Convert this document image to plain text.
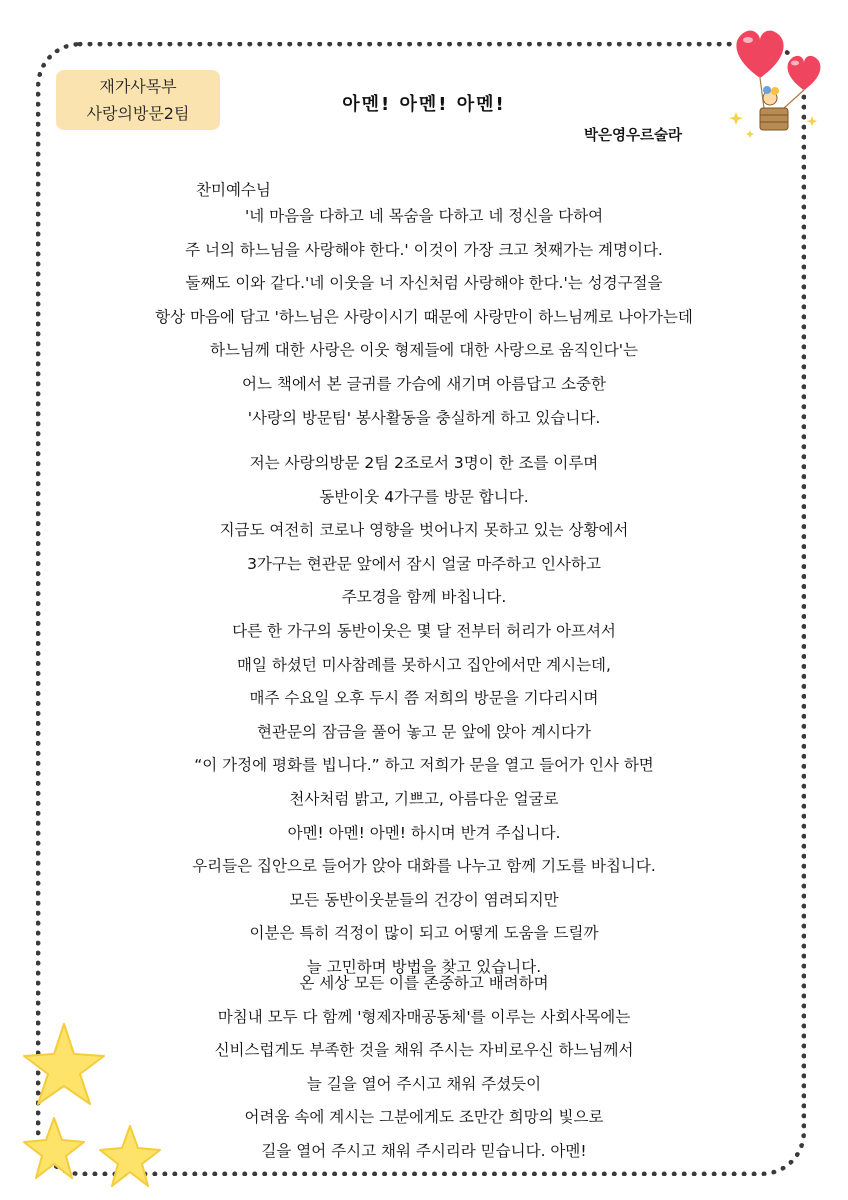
재가사목부
사랑의방문2팀	아멘! 아멘! 아멘!
박은영우르술라
찬미예수님
'네 마음을 다하고 네 목숨을 다하고 네 정신을 다하여
주 너의 하느님을 사랑해야 한다.' 이것이 가장 크고 첫째가는 계명이다.
둘째도 이와 같다.'네 이웃을 너 자신처럼 사랑해야 한다.'는 성경구절을
항상 마음에 담고 '하느님은 사랑이시기 때문에 사랑만이 하느님께로 나아가는데
하느님께 대한 사랑은 이웃 형제들에 대한 사랑으로 움직인다'는
어느 책에서 본 글귀를 가슴에 새기며 아름답고 소중한
'사랑의 방문팀' 봉사활동을 충실하게 하고 있습니다.
저는 사랑의방문 2팀 2조로서 3명이 한 조를 이루며
동반이웃 4가구를 방문 합니다.
지금도 여전히 코로나 영향을 벗어나지 못하고 있는 상황에서
3가구는 현관문 앞에서 잠시 얼굴 마주하고 인사하고
주모경을 함께 바칩니다.
다른 한 가구의 동반이웃은 몇 달 전부터 허리가 아프셔서
매일 하셨던 미사참례를 못하시고 집안에서만 계시는데,
매주 수요일 오후 두시 쯤 저희의 방문을 기다리시며
현관문의 잠금을 풀어 놓고 문 앞에 앉아 계시다가
“이 가정에 평화를 빕니다.” 하고 저희가 문을 열고 들어가 인사 하면
천사처럼 밝고, 기쁘고, 아름다운 얼굴로
아멘! 아멘! 아멘! 하시며 반겨 주십니다.
우리들은 집안으로 들어가 앉아 대화를 나누고 함께 기도를 바칩니다.
모든 동반이웃분들의 건강이 염려되지만
이분은 특히 걱정이 많이 되고 어떻게 도움을 드릴까
늘 고민하며 방법을 찾고 있습니다.
온 세상 모든 이를 존중하고 배려하며
마침내 모두 다 함께 '형제자매공동체'를 이루는 사회사목에는
신비스럽게도 부족한 것을 채워 주시는 자비로우신 하느님께서
늘 길을 열어 주시고 채워 주셨듯이
어려움 속에 계시는 그분에게도 조만간 희망의 빛으로
길을 열어 주시고 채워 주시리라 믿습니다. 아멘!
